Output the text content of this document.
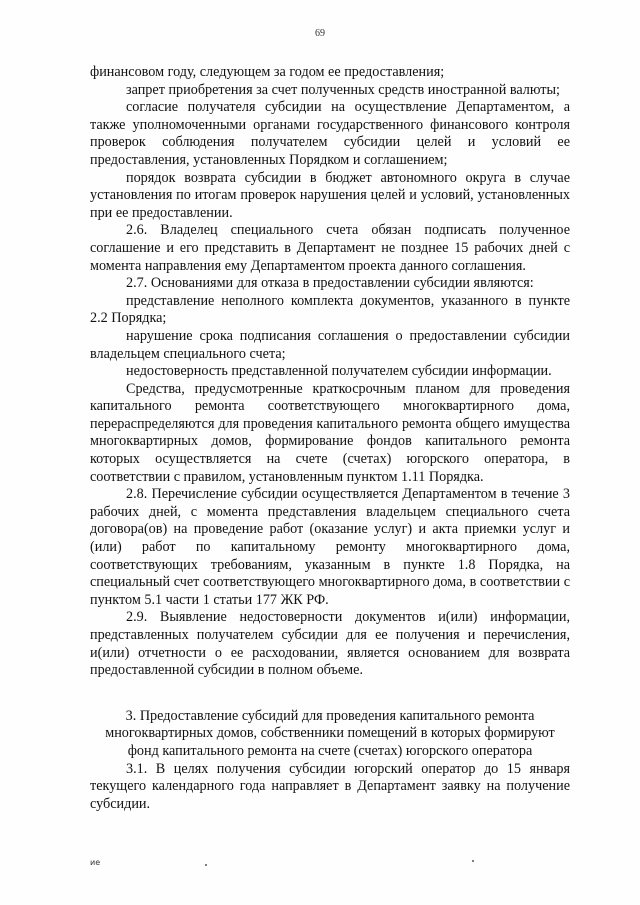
69

финансовом году, следующем за годом ее предоставления;

запрет приобретения за счет полученных средств иностранной валюты;

согласие получателя субсидии на осуществление Департаментом, а также уполномоченными органами государственного финансового контроля проверок соблюдения получателем субсидии целей и условий ее предоставления, установленных Порядком и соглашением;

порядок возврата субсидии в бюджет автономного округа в случае установления по итогам проверок нарушения целей и условий, установленных при ее предоставлении.

2.6. Владелец специального счета обязан подписать полученное соглашение и его представить в Департамент не позднее 15 рабочих дней с момента направления ему Департаментом проекта данного соглашения.

2.7. Основаниями для отказа в предоставлении субсидии являются:

представление неполного комплекта документов, указанного в пункте 2.2 Порядка;

нарушение срока подписания соглашения о предоставлении субсидии владельцем специального счета;

недостоверность представленной получателем субсидии информации.

Средства, предусмотренные краткосрочным планом для проведения капитального ремонта соответствующего многоквартирного дома, перераспределяются для проведения капитального ремонта общего имущества многоквартирных домов, формирование фондов капитального ремонта которых осуществляется на счете (счетах) югорского оператора, в соответствии с правилом, установленным пунктом 1.11 Порядка.

2.8. Перечисление субсидии осуществляется Департаментом в течение 3 рабочих дней, с момента представления владельцем специального счета договора(ов) на проведение работ (оказание услуг) и акта приемки услуг и (или) работ по капитальному ремонту многоквартирного дома, соответствующих требованиям, указанным в пункте 1.8 Порядка, на специальный счет соответствующего многоквартирного дома, в соответствии с пунктом 5.1 части 1 статьи 177 ЖК РФ.

2.9. Выявление недостоверности документов и(или) информации, представленных получателем субсидии для ее получения и перечисления, и(или) отчетности о ее расходовании, является основанием для возврата предоставленной субсидии в полном объеме.

3. Предоставление субсидий для проведения капитального ремонта
многоквартирных домов, собственники помещений в которых формируют
фонд капитального ремонта на счете (счетах) югорского оператора

3.1. В целях получения субсидии югорский оператор до 15 января текущего календарного года направляет в Департамент заявку на получение субсидии.

ие
